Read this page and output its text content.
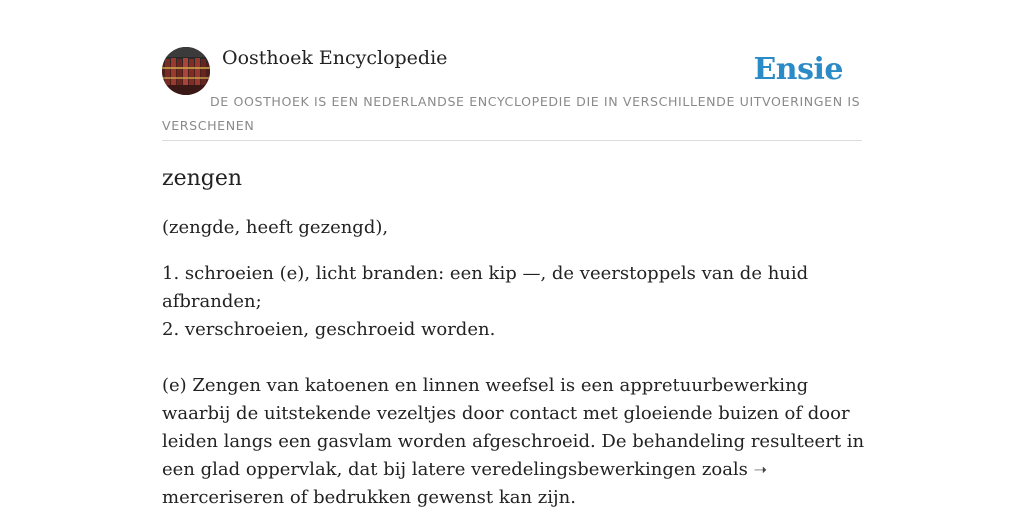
Oosthoek Encyclopedie	Ensie
DE OOSTHOEK IS EEN NEDERLANDSE ENCYCLOPEDIE DIE IN VERSCHILLENDE UITVOERINGEN IS VERSCHENEN
zengen

(zengde, heeft gezengd),

1. schroeien (e), licht branden: een kip —, de veerstoppels van de huid afbranden;

2. verschroeien, geschroeid worden.

(e) Zengen van katoenen en linnen weefsel is een appretuurbewerking waarbij de uitstekende vezeltjes door contact met gloeiende buizen of door leiden langs een gasvlam worden afgeschroeid. De behandeling resulteert in een glad oppervlak, dat bij latere veredelingsbewerkingen zoals ➝ merceriseren of bedrukken gewenst kan zijn.
